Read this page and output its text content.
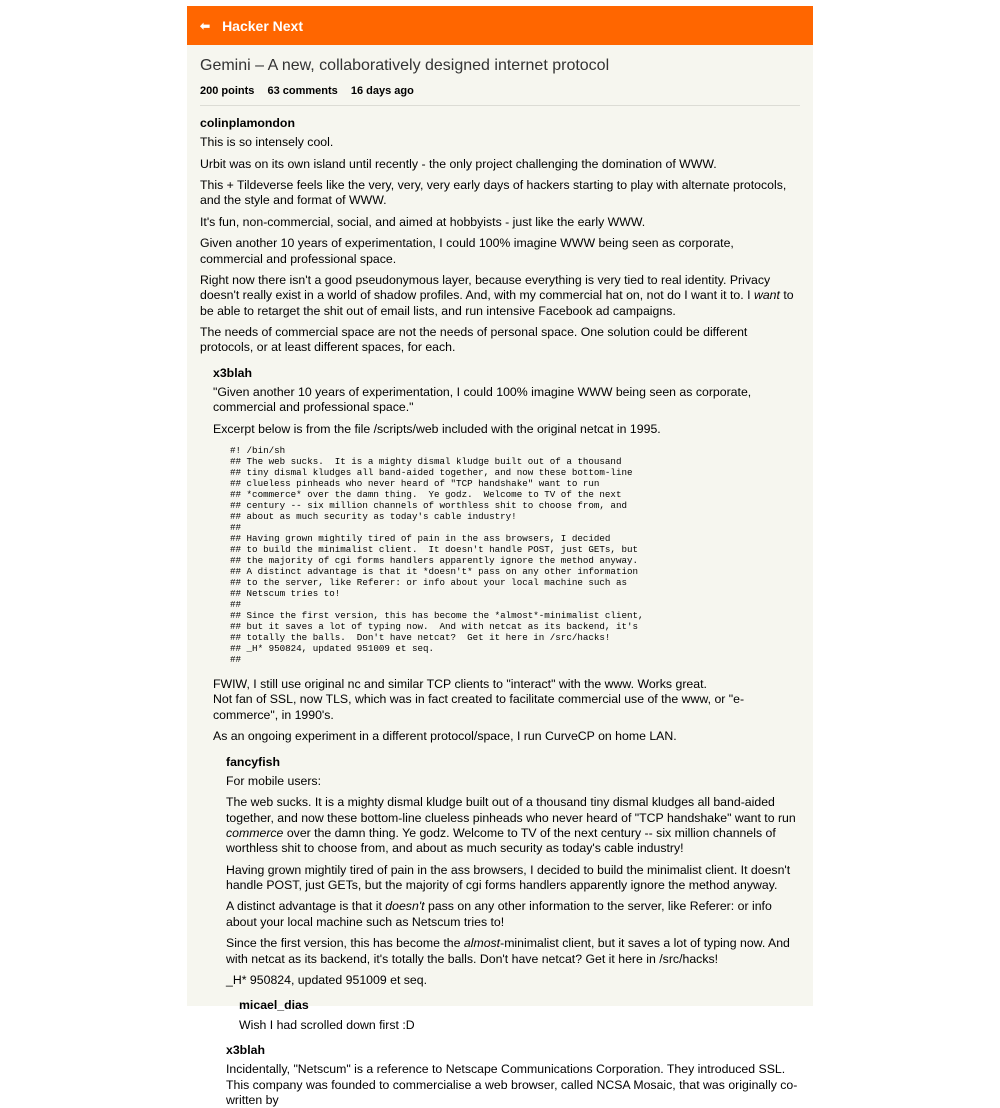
⬅ Hacker Next
Gemini – A new, collaboratively designed internet protocol
200 points 63 comments 16 days ago
colinplamondon

This is so intensely cool.

Urbit was on its own island until recently - the only project challenging the domination of WWW.

This + Tildeverse feels like the very, very, very early days of hackers starting to play with alternate protocols, and the style and format of WWW.

It's fun, non-commercial, social, and aimed at hobbyists - just like the early WWW.

Given another 10 years of experimentation, I could 100% imagine WWW being seen as corporate, commercial and professional space.

Right now there isn't a good pseudonymous layer, because everything is very tied to real identity. Privacy doesn't really exist in a world of shadow profiles. And, with my commercial hat on, not do I want it to. I want to be able to retarget the shit out of email lists, and run intensive Facebook ad campaigns.

The needs of commercial space are not the needs of personal space. One solution could be different protocols, or at least different spaces, for each.

x3blah

"Given another 10 years of experimentation, I could 100% imagine WWW being seen as corporate, commercial and professional space."

Excerpt below is from the file /scripts/web included with the original netcat in 1995.

#! /bin/sh
## The web sucks.  It is a mighty dismal kludge built out of a thousand
## tiny dismal kludges all band-aided together, and now these bottom-line
## clueless pinheads who never heard of "TCP handshake" want to run
## *commerce* over the damn thing.  Ye godz.  Welcome to TV of the next
## century -- six million channels of worthless shit to choose from, and
## about as much security as today's cable industry!
##
## Having grown mightily tired of pain in the ass browsers, I decided
## to build the minimalist client.  It doesn't handle POST, just GETs, but
## the majority of cgi forms handlers apparently ignore the method anyway.
## A distinct advantage is that it *doesn't* pass on any other information
## to the server, like Referer: or info about your local machine such as
## Netscum tries to!
##
## Since the first version, this has become the *almost*-minimalist client,
## but it saves a lot of typing now.  And with netcat as its backend, it's
## totally the balls.  Don't have netcat?  Get it here in /src/hacks!
## _H* 950824, updated 951009 et seq.
##

FWIW, I still use original nc and similar TCP clients to "interact" with the www. Works great.
Not fan of SSL, now TLS, which was in fact created to facilitate commercial use of the www, or "e-commerce", in 1990's.

As an ongoing experiment in a different protocol/space, I run CurveCP on home LAN.

fancyfish

For mobile users:

The web sucks. It is a mighty dismal kludge built out of a thousand tiny dismal kludges all band-aided together, and now these bottom-line clueless pinheads who never heard of "TCP handshake" want to run commerce over the damn thing. Ye godz. Welcome to TV of the next century -- six million channels of worthless shit to choose from, and about as much security as today's cable industry!

Having grown mightily tired of pain in the ass browsers, I decided to build the minimalist client. It doesn't handle POST, just GETs, but the majority of cgi forms handlers apparently ignore the method anyway.

A distinct advantage is that it doesn't pass on any other information to the server, like Referer: or info about your local machine such as Netscum tries to!

Since the first version, this has become the almost-minimalist client, but it saves a lot of typing now. And with netcat as its backend, it's totally the balls. Don't have netcat? Get it here in /src/hacks!

_H* 950824, updated 951009 et seq.

micael_dias

Wish I had scrolled down first :D

x3blah

Incidentally, "Netscum" is a reference to Netscape Communications Corporation. They introduced SSL. This company was founded to commercialise a web browser, called NCSA Mosaic, that was originally co-written by
